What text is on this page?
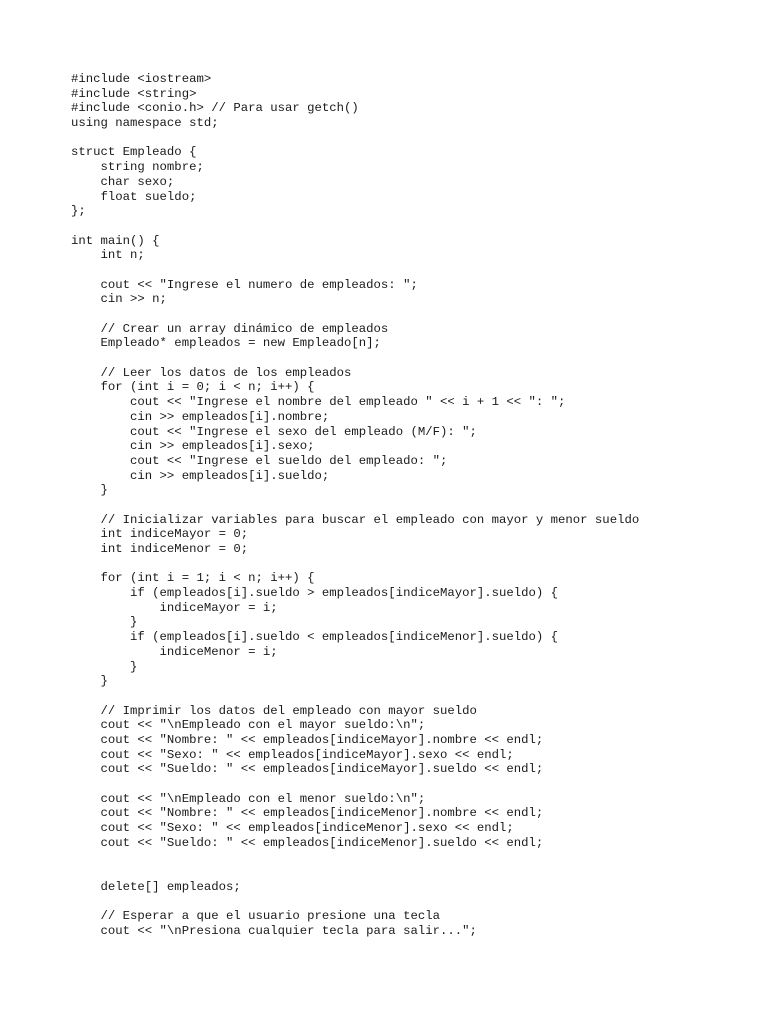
#include <iostream>
#include <string>
#include <conio.h> // Para usar getch()
using namespace std;
struct Empleado {
string nombre;
char sexo;
float sueldo;
};
int main() {
int n;
cout << "Ingrese el numero de empleados: ";
cin >> n;
// Crear un array dinámico de empleados
Empleado* empleados = new Empleado[n];
// Leer los datos de los empleados
for (int i = 0; i < n; i++) {
cout << "Ingrese el nombre del empleado " << i + 1 << ": ";
cin >> empleados[i].nombre;
cout << "Ingrese el sexo del empleado (M/F): ";
cin >> empleados[i].sexo;
cout << "Ingrese el sueldo del empleado: ";
cin >> empleados[i].sueldo;
}
// Inicializar variables para buscar el empleado con mayor y menor sueldo
int indiceMayor = 0;
int indiceMenor = 0;
for (int i = 1; i < n; i++) {
if (empleados[i].sueldo > empleados[indiceMayor].sueldo) {
indiceMayor = i;
}
if (empleados[i].sueldo < empleados[indiceMenor].sueldo) {
indiceMenor = i;
}
}
// Imprimir los datos del empleado con mayor sueldo
cout << "\nEmpleado con el mayor sueldo:\n";
cout << "Nombre: " << empleados[indiceMayor].nombre << endl;
cout << "Sexo: " << empleados[indiceMayor].sexo << endl;
cout << "Sueldo: " << empleados[indiceMayor].sueldo << endl;
cout << "\nEmpleado con el menor sueldo:\n";
cout << "Nombre: " << empleados[indiceMenor].nombre << endl;
cout << "Sexo: " << empleados[indiceMenor].sexo << endl;
cout << "Sueldo: " << empleados[indiceMenor].sueldo << endl;
delete[] empleados;
// Esperar a que el usuario presione una tecla
cout << "\nPresiona cualquier tecla para salir...";
